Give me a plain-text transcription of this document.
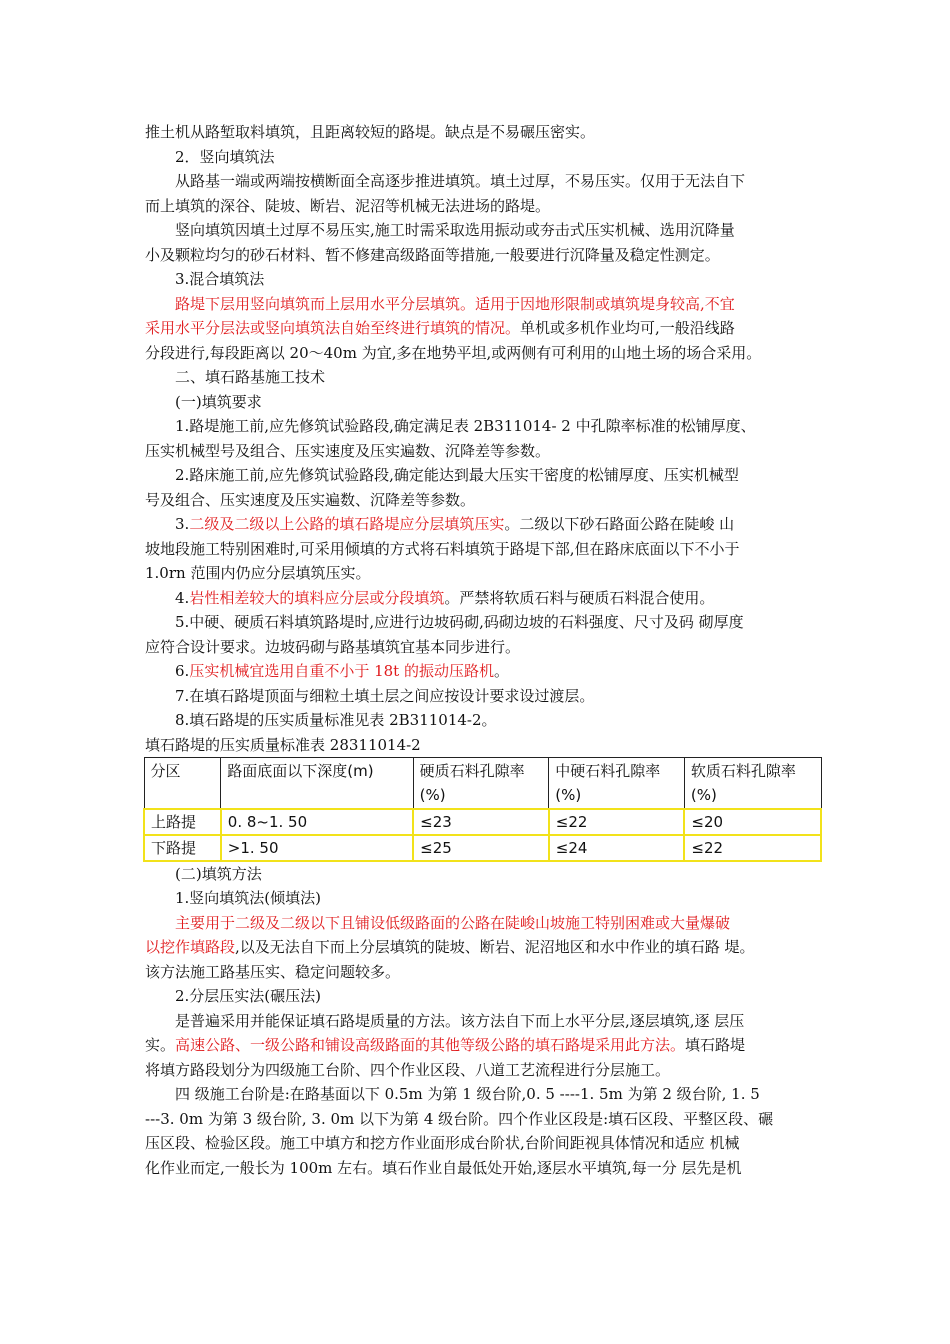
推土机从路堑取料填筑，且距离较短的路堤。缺点是不易碾压密实。
2．竖向填筑法
从路基一端或两端按横断面全高逐步推进填筑。填土过厚，不易压实。仅用于无法自下
而上填筑的深谷、陡坡、断岩、泥沼等机械无法进场的路堤。
竖向填筑因填土过厚不易压实,施工时需采取选用振动或夯击式压实机械、选用沉降量
小及颗粒均匀的砂石材料、暂不修建高级路面等措施,一般要进行沉降量及稳定性测定。
3.混合填筑法
路堤下层用竖向填筑而上层用水平分层填筑。适用于因地形限制或填筑堤身较高,不宜
采用水平分层法或竖向填筑法自始至终进行填筑的情况。单机或多机作业均可,一般沿线路
分段进行,每段距离以 20～40m 为宜,多在地势平坦,或两侧有可利用的山地土场的场合采用。
二、填石路基施工技术
(一)填筑要求
1.路堤施工前,应先修筑试验路段,确定满足表 2B311014- 2 中孔隙率标准的松铺厚度、
压实机械型号及组合、压实速度及压实遍数、沉降差等参数。
2.路床施工前,应先修筑试验路段,确定能达到最大压实干密度的松铺厚度、压实机械型
号及组合、压实速度及压实遍数、沉降差等参数。
3.二级及二级以上公路的填石路堤应分层填筑压实。二级以下砂石路面公路在陡峻 山
坡地段施工特别困难时,可采用倾填的方式将石料填筑于路堤下部,但在路床底面以下不小于
1.0rn 范围内仍应分层填筑压实。
4.岩性相差较大的填料应分层或分段填筑。严禁将软质石料与硬质石料混合使用。
5.中硬、硬质石料填筑路堤时,应进行边坡码砌,码砌边坡的石料强度、尺寸及码 砌厚度
应符合设计要求。边坡码砌与路基填筑宜基本同步进行。
6.压实机械宜选用自重不小于 18t 的振动压路机。
7.在填石路堤顶面与细粒土填土层之间应按设计要求设过渡层。
8.填石路堤的压实质量标准见表 2B311014-2。
填石路堤的压实质量标准表 28311014-2
分区	路面底面以下深度(m)	硬质石料孔隙率(%)	中硬石料孔隙率(%)	软质石料孔隙率(%)
上路提	0. 8~1. 50	≤23	≤22	≤20
下路提	>1. 50	≤25	≤24	≤22
(二)填筑方法
1.竖向填筑法(倾填法)
主要用于二级及二级以下且铺设低级路面的公路在陡峻山坡施工特别困难或大量爆破
以挖作填路段,以及无法自下而上分层填筑的陡坡、断岩、泥沼地区和水中作业的填石路 堤。
该方法施工路基压实、稳定问题较多。
2.分层压实法(碾压法)
是普遍采用并能保证填石路堤质量的方法。该方法自下而上水平分层,逐层填筑,逐 层压
实。高速公路、一级公路和铺设高级路面的其他等级公路的填石路堤采用此方法。填石路堤
将填方路段划分为四级施工台阶、四个作业区段、八道工艺流程进行分层施工。
四 级施工台阶是:在路基面以下 0.5m 为第 1 级台阶,0. 5 ----1. 5m 为第 2 级台阶, 1. 5
---3. 0m 为第 3 级台阶, 3. 0m 以下为第 4 级台阶。四个作业区段是:填石区段、平整区段、碾
压区段、检验区段。施工中填方和挖方作业面形成台阶状,台阶间距视具体情况和适应 机械
化作业而定,一般长为 100m 左右。填石作业自最低处开始,逐层水平填筑,每一分 层先是机
